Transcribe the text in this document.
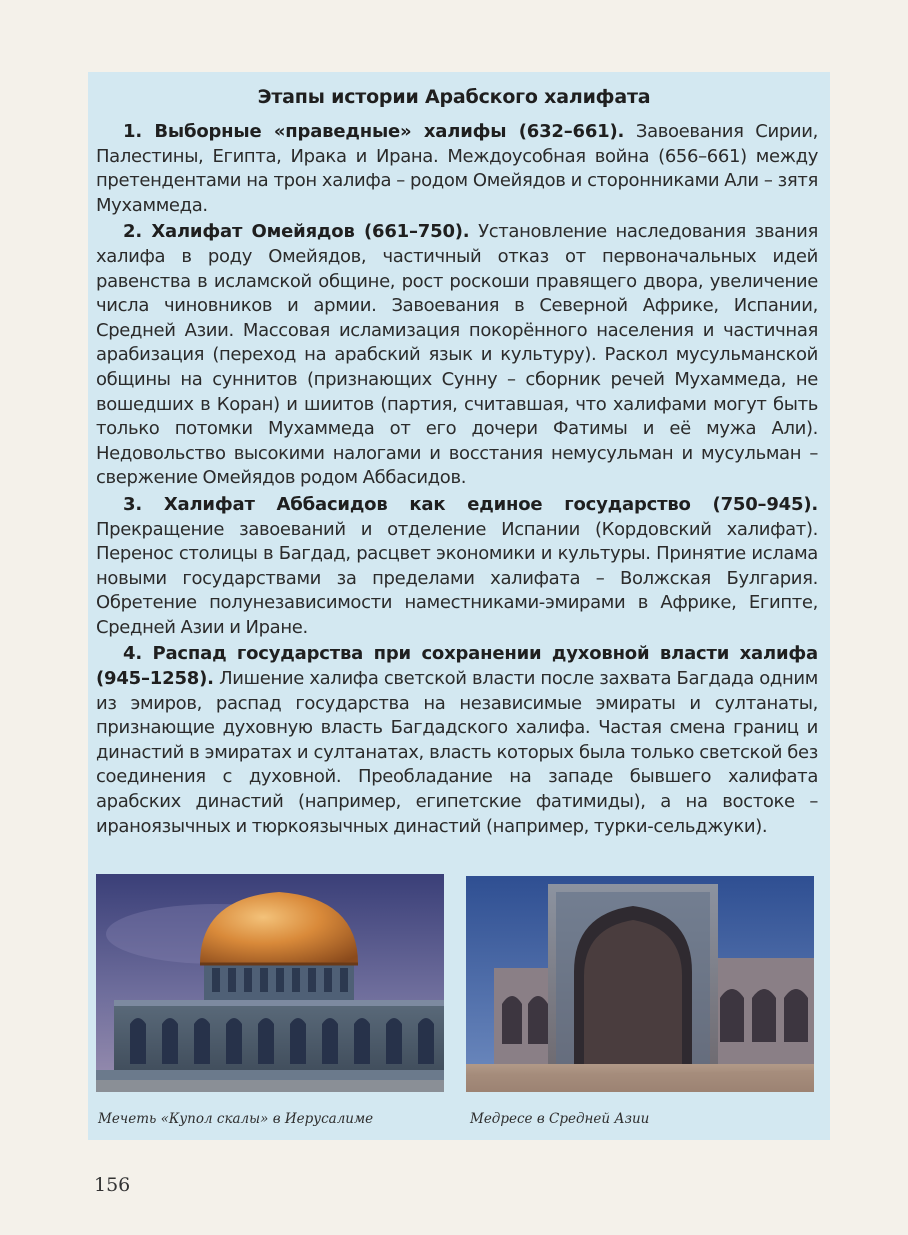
Этапы истории Арабского халифата

1. Выборные «праведные» халифы (632–661). Завоевания Сирии, Палестины, Египта, Ирака и Ирана. Междоусобная война (656–661) между претендентами на трон халифа – родом Омейядов и сторонниками Али – зятя Мухаммеда.

2. Халифат Омейядов (661–750). Установление наследования звания халифа в роду Омейядов, частичный отказ от первоначальных идей равенства в исламской общине, рост роскоши правящего двора, увеличение числа чиновников и армии. Завоевания в Северной Африке, Испании, Средней Азии. Массовая исламизация покорённого населения и частичная арабизация (переход на арабский язык и культуру). Раскол мусульманской общины на суннитов (признающих Сунну – сборник речей Мухаммеда, не вошедших в Коран) и шиитов (партия, считавшая, что халифами могут быть только потомки Мухаммеда от его дочери Фатимы и её мужа Али). Недовольство высокими налогами и восстания немусульман и мусульман – свержение Омейядов родом Аббасидов.

3. Халифат Аббасидов как единое государство (750–945). Прекращение завоеваний и отделение Испании (Кордовский халифат). Перенос столицы в Багдад, расцвет экономики и культуры. Принятие ислама новыми государствами за пределами халифата – Волжская Булгария. Обретение полунезависимости наместниками-эмирами в Африке, Египте, Средней Азии и Иране.

4. Распад государства при сохранении духовной власти халифа (945–1258). Лишение халифа светской власти после захвата Багдада одним из эмиров, распад государства на независимые эмираты и султанаты, признающие духовную власть Багдадского халифа. Частая смена границ и династий в эмиратах и султанатах, власть которых была только светской без соединения с духовной. Преобладание на западе бывшего халифата арабских династий (например, египетские фатимиды), а на востоке – ираноязычных и тюркоязычных династий (например, турки-сельджуки).

Мечеть «Купол скалы» в Иерусалиме	Медресе в Средней Азии
156
